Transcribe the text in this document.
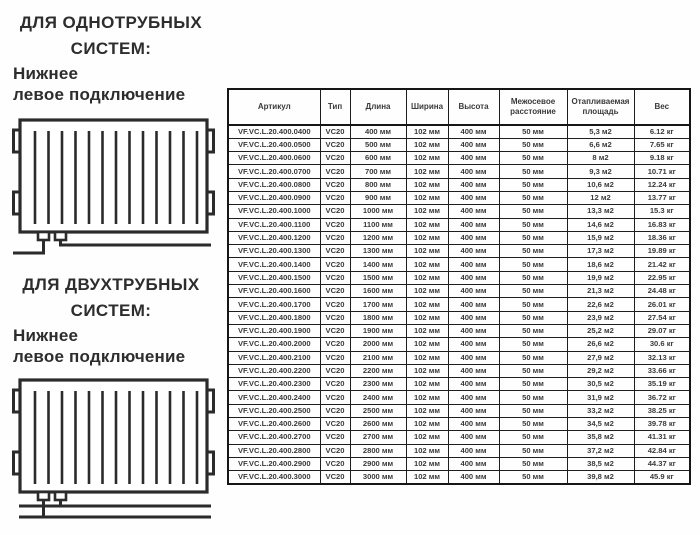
ДЛЯ ОДНОТРУБНЫХ
СИСТЕМ:
Нижнее
левое подключение
ДЛЯ ДВУХТРУБНЫХ
СИСТЕМ:
Нижнее
левое подключение
Артикул	Тип	Длина	Ширина	Высота	Межосевое расстояние	Отапливаемая площадь	Вес
VF.VC.L.20.400.0400	VC20	400 мм	102 мм	400 мм	50 мм	5,3 м2	6.12 кг
VF.VC.L.20.400.0500	VC20	500 мм	102 мм	400 мм	50 мм	6,6 м2	7.65 кг
VF.VC.L.20.400.0600	VC20	600 мм	102 мм	400 мм	50 мм	8 м2	9.18 кг
VF.VC.L.20.400.0700	VC20	700 мм	102 мм	400 мм	50 мм	9,3 м2	10.71 кг
VF.VC.L.20.400.0800	VC20	800 мм	102 мм	400 мм	50 мм	10,6 м2	12.24 кг
VF.VC.L.20.400.0900	VC20	900 мм	102 мм	400 мм	50 мм	12 м2	13.77 кг
VF.VC.L.20.400.1000	VC20	1000 мм	102 мм	400 мм	50 мм	13,3 м2	15.3 кг
VF.VC.L.20.400.1100	VC20	1100 мм	102 мм	400 мм	50 мм	14,6 м2	16.83 кг
VF.VC.L.20.400.1200	VC20	1200 мм	102 мм	400 мм	50 мм	15,9 м2	18.36 кг
VF.VC.L.20.400.1300	VC20	1300 мм	102 мм	400 мм	50 мм	17,3 м2	19.89 кг
VF.VC.L.20.400.1400	VC20	1400 мм	102 мм	400 мм	50 мм	18,6 м2	21.42 кг
VF.VC.L.20.400.1500	VC20	1500 мм	102 мм	400 мм	50 мм	19,9 м2	22.95 кг
VF.VC.L.20.400.1600	VC20	1600 мм	102 мм	400 мм	50 мм	21,3 м2	24.48 кг
VF.VC.L.20.400.1700	VC20	1700 мм	102 мм	400 мм	50 мм	22,6 м2	26.01 кг
VF.VC.L.20.400.1800	VC20	1800 мм	102 мм	400 мм	50 мм	23,9 м2	27.54 кг
VF.VC.L.20.400.1900	VC20	1900 мм	102 мм	400 мм	50 мм	25,2 м2	29.07 кг
VF.VC.L.20.400.2000	VC20	2000 мм	102 мм	400 мм	50 мм	26,6 м2	30.6 кг
VF.VC.L.20.400.2100	VC20	2100 мм	102 мм	400 мм	50 мм	27,9 м2	32.13 кг
VF.VC.L.20.400.2200	VC20	2200 мм	102 мм	400 мм	50 мм	29,2 м2	33.66 кг
VF.VC.L.20.400.2300	VC20	2300 мм	102 мм	400 мм	50 мм	30,5 м2	35.19 кг
VF.VC.L.20.400.2400	VC20	2400 мм	102 мм	400 мм	50 мм	31,9 м2	36.72 кг
VF.VC.L.20.400.2500	VC20	2500 мм	102 мм	400 мм	50 мм	33,2 м2	38.25 кг
VF.VC.L.20.400.2600	VC20	2600 мм	102 мм	400 мм	50 мм	34,5 м2	39.78 кг
VF.VC.L.20.400.2700	VC20	2700 мм	102 мм	400 мм	50 мм	35,8 м2	41.31 кг
VF.VC.L.20.400.2800	VC20	2800 мм	102 мм	400 мм	50 мм	37,2 м2	42.84 кг
VF.VC.L.20.400.2900	VC20	2900 мм	102 мм	400 мм	50 мм	38,5 м2	44.37 кг
VF.VC.L.20.400.3000	VC20	3000 мм	102 мм	400 мм	50 мм	39,8 м2	45.9 кг
